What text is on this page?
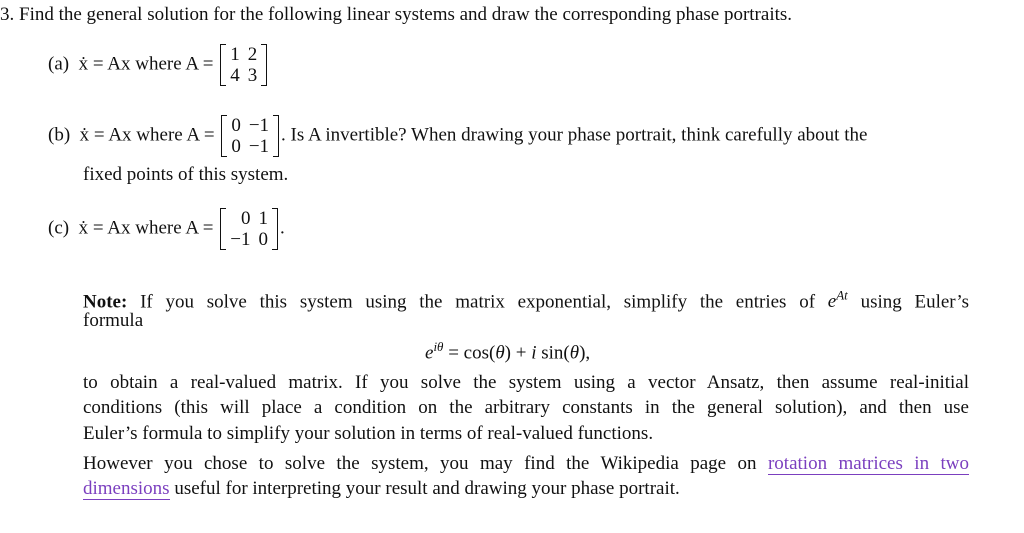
3. Find the general solution for the following linear systems and draw the corresponding phase portraits.
(a) ẋ = Ax where A = 1	2
4	3
(b) ẋ = Ax where A = 0	−1
0	−1
. Is A invertible? When drawing your phase portrait, think carefully about the
fixed points of this system.
(c) ẋ = Ax where A = 0	1
−1	0
.
Note: If you solve this system using the matrix exponential, simplify the entries of $e^{At}$ using Euler’s
formula
$e^{i\theta} = \cos(\theta) + i$ sin(θ),
to obtain a real-valued matrix. If you solve the system using a vector Ansatz, then assume real-initial
conditions (this will place a condition on the arbitrary constants in the general solution), and then use
Euler’s formula to simplify your solution in terms of real-valued functions.
However you chose to solve the system, you may find the Wikipedia page on rotation matrices in two
dimensions useful for interpreting your result and drawing your phase portrait.
